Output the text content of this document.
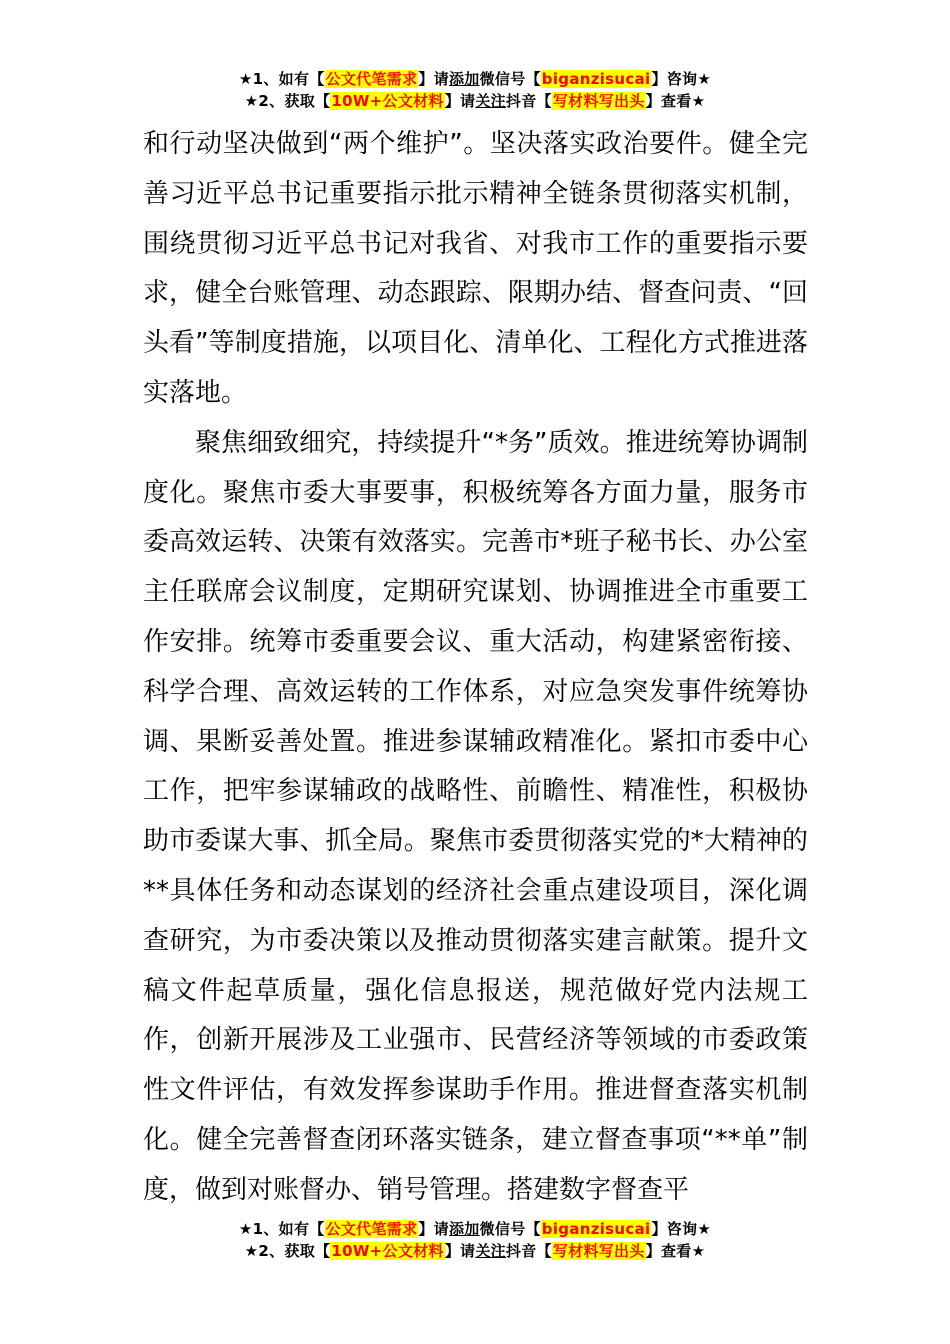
★1、如有【公文代笔需求】请添加微信号【biganzisucai】咨询★
★2、获取【10W+公文材料】请关注抖音【写材料写出头】查看★

和行动坚决做到“两个维护”。坚决落实政治要件。健全完善习近平总书记重要指示批示精神全链条贯彻落实机制，围绕贯彻习近平总书记对我省、对我市工作的重要指示要求，健全台账管理、动态跟踪、限期办结、督查问责、“回头看”等制度措施，以项目化、清单化、工程化方式推进落实落地。

聚焦细致细究，持续提升“*务”质效。推进统筹协调制度化。聚焦市委大事要事，积极统筹各方面力量，服务市委高效运转、决策有效落实。完善市*班子秘书长、办公室主任联席会议制度，定期研究谋划、协调推进全市重要工作安排。统筹市委重要会议、重大活动，构建紧密衔接、科学合理、高效运转的工作体系，对应急突发事件统筹协调、果断妥善处置。推进参谋辅政精准化。紧扣市委中心工作，把牢参谋辅政的战略性、前瞻性、精准性，积极协助市委谋大事、抓全局。聚焦市委贯彻落实党的*大精神的**具体任务和动态谋划的经济社会重点建设项目，深化调查研究，为市委决策以及推动贯彻落实建言献策。提升文稿文件起草质量，强化信息报送，规范做好党内法规工作，创新开展涉及工业强市、民营经济等领域的市委政策性文件评估，有效发挥参谋助手作用。推进督查落实机制化。健全完善督查闭环落实链条，建立督查事项“**单”制度，做到对账督办、销号管理。搭建数字督查平

★1、如有【公文代笔需求】请添加微信号【biganzisucai】咨询★
★2、获取【10W+公文材料】请关注抖音【写材料写出头】查看★
